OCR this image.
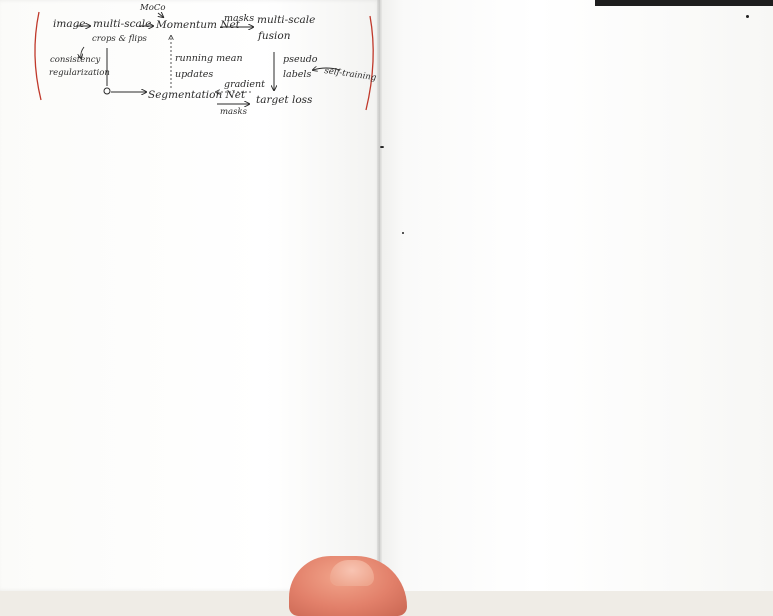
image multi-scale
crops & flips
MoCo
Momentum Net
masks multi-scale
fusion
consistency
regularization
running mean
updates
pseudo
labels self-training
Segmentation Net
gradient
masks
target loss
